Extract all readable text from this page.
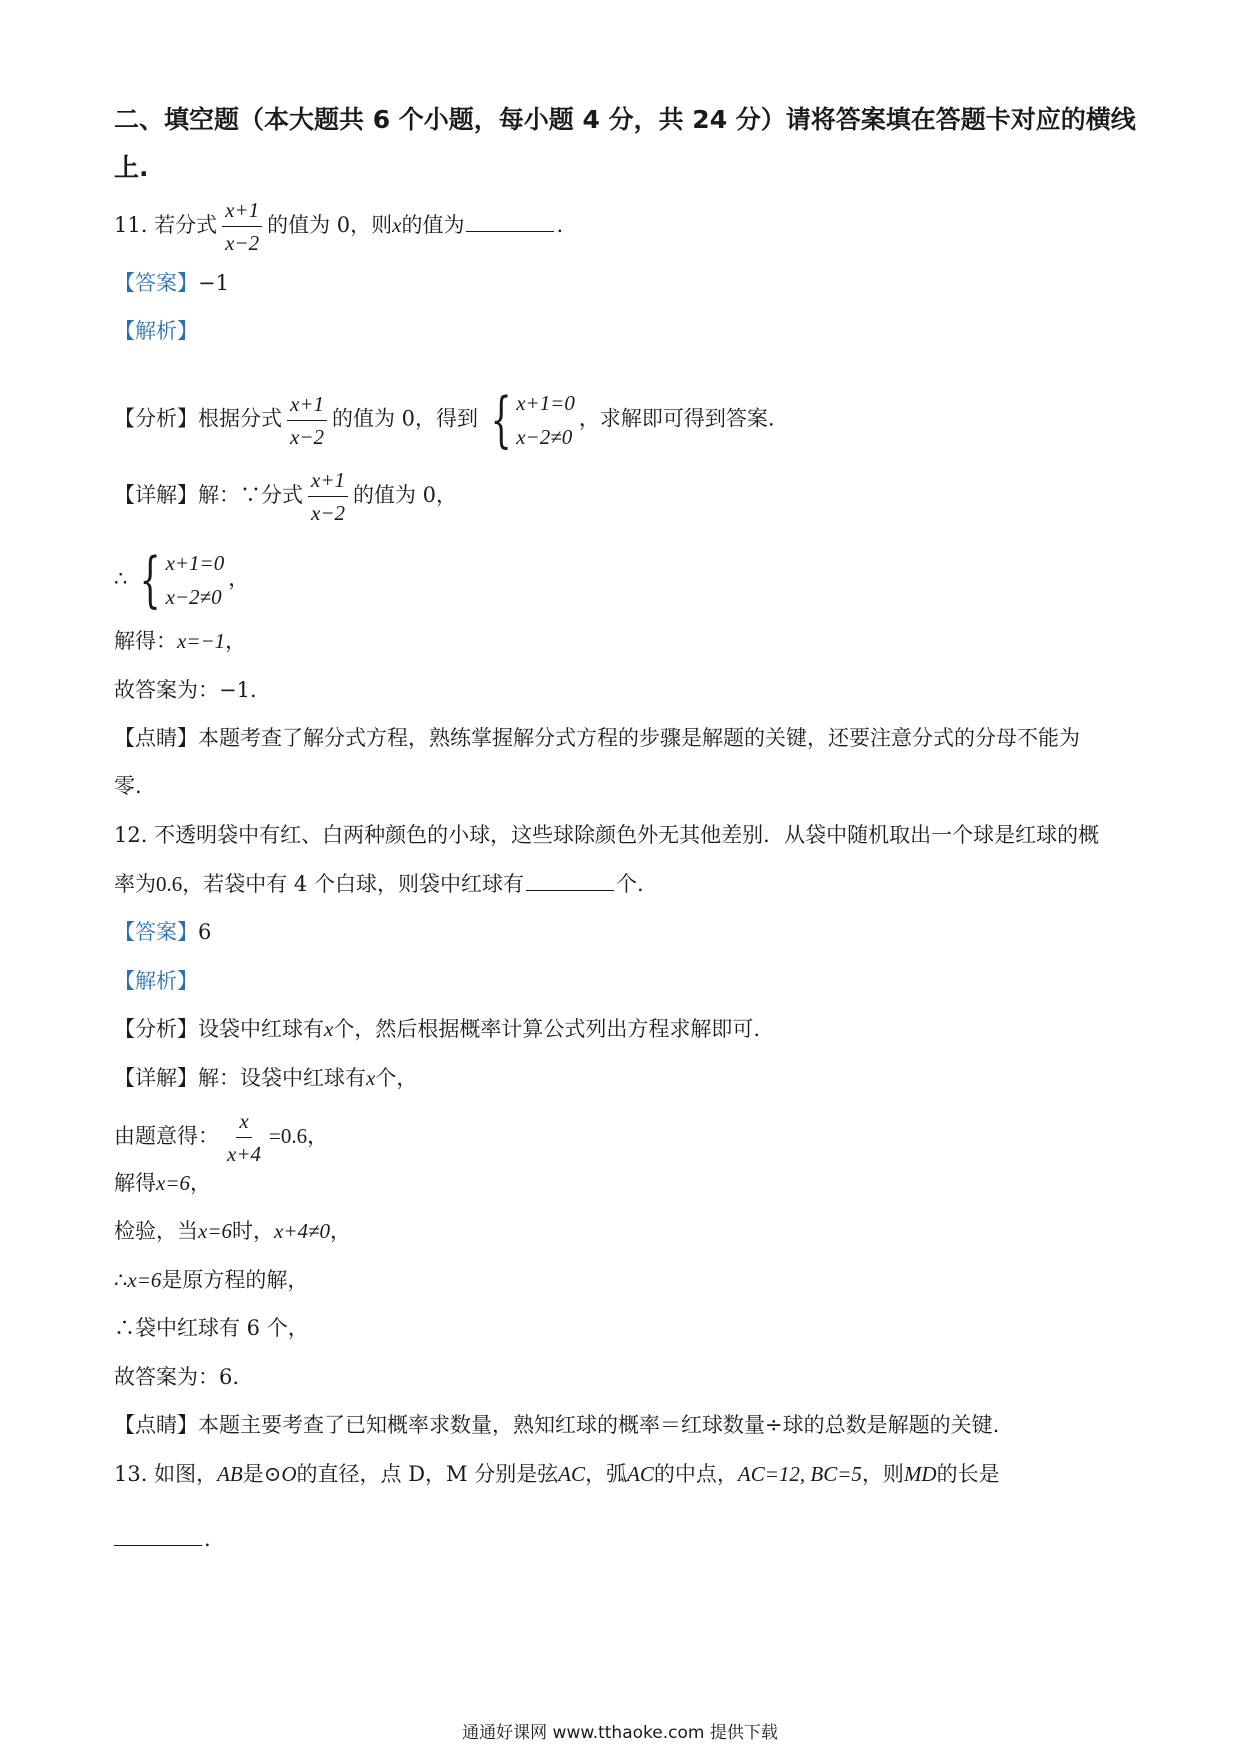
二、填空题（本大题共 6 个小题，每小题 4 分，共 24 分）请将答案填在答题卡对应的横线
上.
11. 若分式 $\frac{x+1}{x-2}$ 的值为 0，则x的值为	.
【答案】−1
【解析】
【分析】根据分式 $\frac{x+1}{x-2}$ 的值为 0，得到 { x+1=0
x−2≠0
，求解即可得到答案.
【详解】解：∵分式 $\frac{x+1}{x-2}$ 的值为 0，
∴ { x+1=0
x−2≠0
，
解得：x=−1，
故答案为：−1.
【点睛】本题考查了解分式方程，熟练掌握解分式方程的步骤是解题的关键，还要注意分式的分母不能为
零.
12. 不透明袋中有红、白两种颜色的小球，这些球除颜色外无其他差别．从袋中随机取出一个球是红球的概
率为0.6，若袋中有 4 个白球，则袋中红球有	个.
【答案】6
【解析】
【分析】设袋中红球有x个，然后根据概率计算公式列出方程求解即可.
【详解】解：设袋中红球有x个，
由题意得： $\frac{x}{x+4} =0.6$，
解得x=6，
检验，当x=6时，x+4≠0，
∴x=6是原方程的解，
∴袋中红球有 6 个，
故答案为：6.
【点睛】本题主要考查了已知概率求数量，熟知红球的概率＝红球数量÷球的总数是解题的关键.
13. 如图，AB是⊙O的直径，点 D，M 分别是弦AC，弧AC的中点，AC=12, BC=5，则MD的长是
.
通通好课网 www.tthaoke.com 提供下载
